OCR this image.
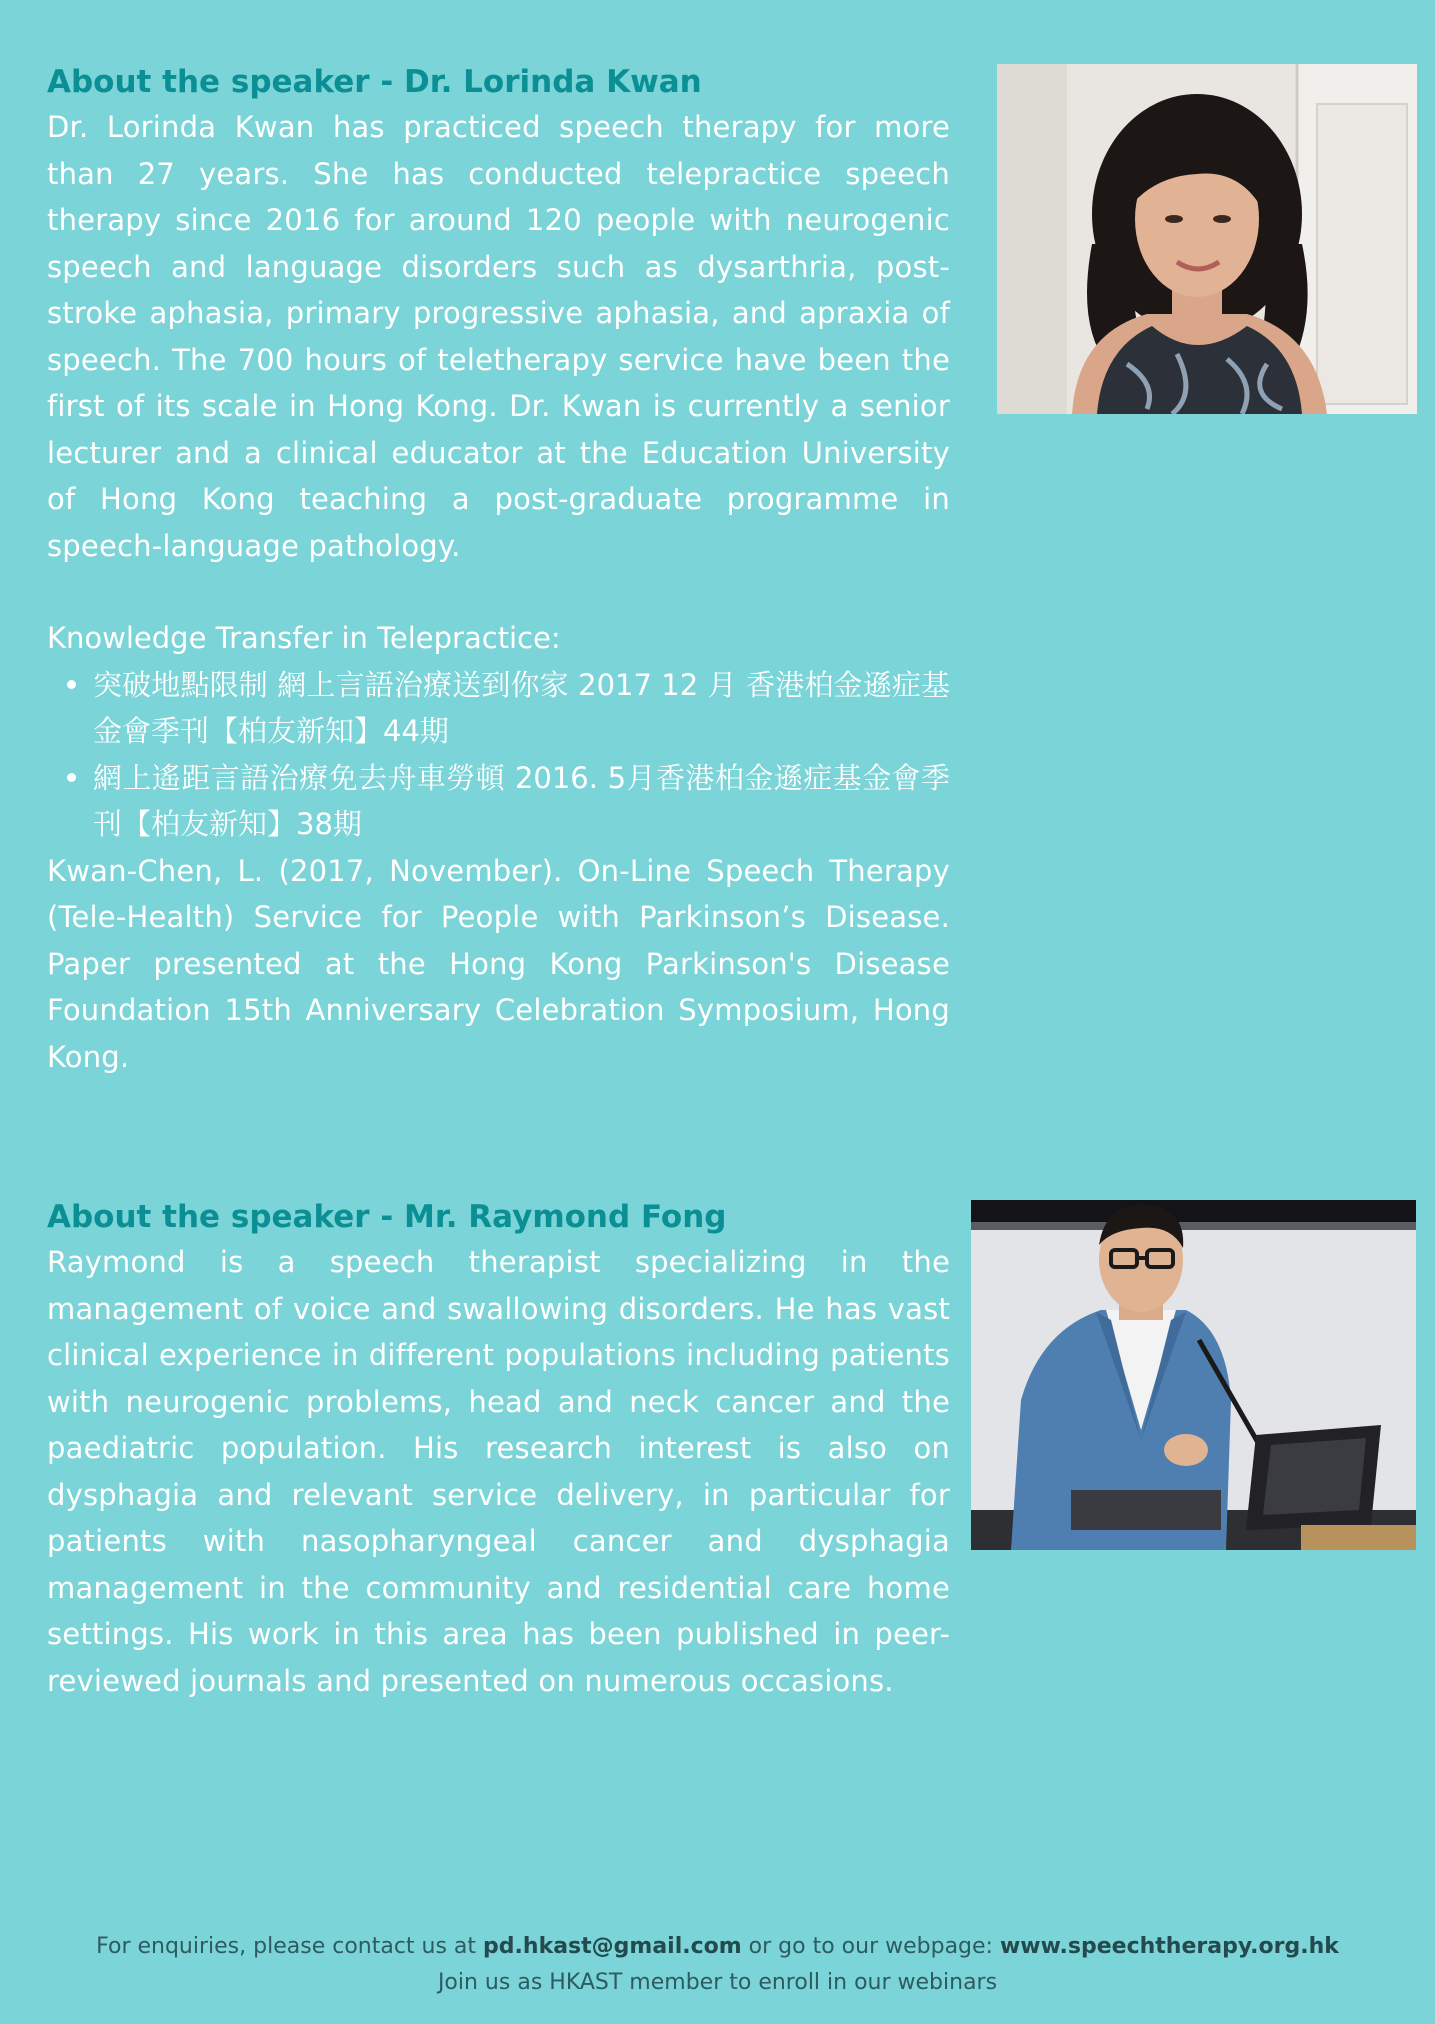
About the speaker - Dr. Lorinda Kwan

Dr. Lorinda Kwan has practiced speech therapy for more than 27 years. She has conducted telepractice speech therapy since 2016 for around 120 people with neurogenic speech and language disorders such as dysarthria, post-stroke aphasia, primary progressive aphasia, and apraxia of speech. The 700 hours of teletherapy service have been the first of its scale in Hong Kong. Dr. Kwan is currently a senior lecturer and a clinical educator at the Education University of Hong Kong teaching a post-graduate programme in speech-language pathology.

Knowledge Transfer in Telepractice:

突破地點限制 網上言語治療送到你家 2017 12 月 香港柏金遜症基金會季刊【柏友新知】44期
網上遙距言語治療免去舟車勞頓 2016. 5月香港柏金遜症基金會季刊【柏友新知】38期

Kwan-Chen, L. (2017, November). On-Line Speech Therapy (Tele-Health) Service for People with Parkinson’s Disease. Paper presented at the Hong Kong Parkinson's Disease Foundation 15th Anniversary Celebration Symposium, Hong Kong.

About the speaker - Mr. Raymond Fong

Raymond is a speech therapist specializing in the management of voice and swallowing disorders. He has vast clinical experience in different populations including patients with neurogenic problems, head and neck cancer and the paediatric population. His research interest is also on dysphagia and relevant service delivery, in particular for patients with nasopharyngeal cancer and dysphagia management in the community and residential care home settings. His work in this area has been published in peer-reviewed journals and presented on numerous occasions.

For enquiries, please contact us at pd.hkast@gmail.com or go to our webpage: www.speechtherapy.org.hk
Join us as HKAST member to enroll in our webinars
